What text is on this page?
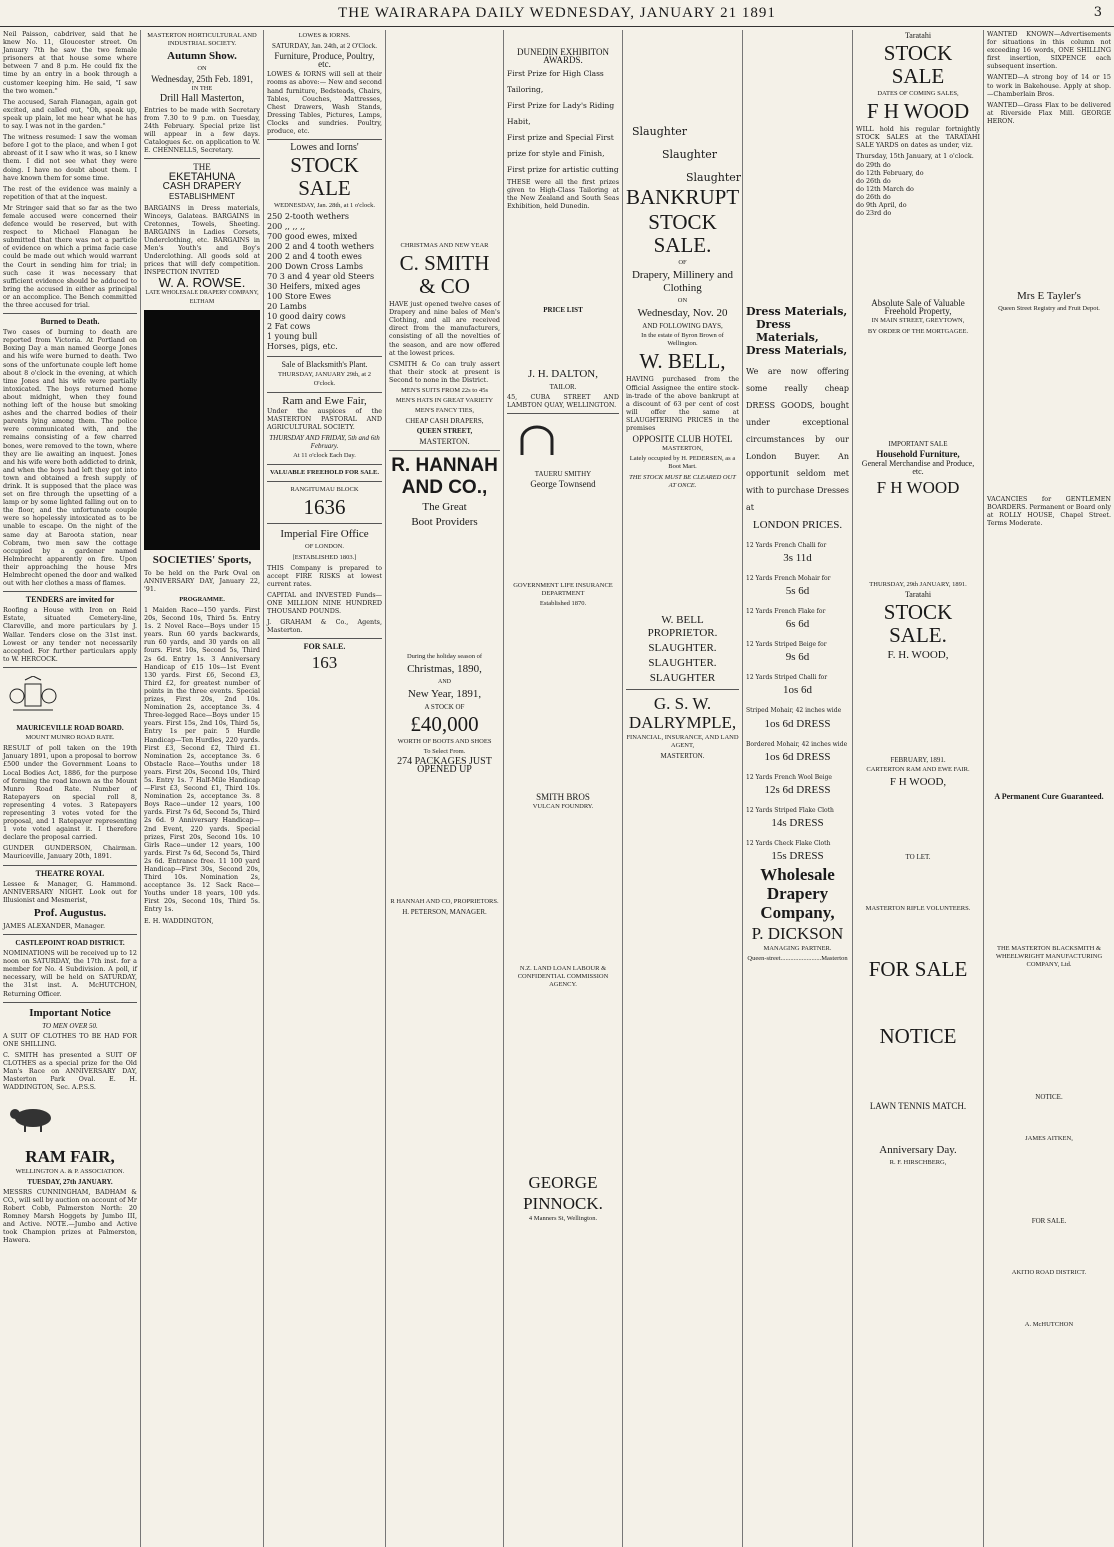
THE WAIRARAPA DAILY WEDNESDAY, JANUARY 21 1891	3

Neil Paisson, cabdriver, said that he knew No. 11, Gloucester street. On January 7th he saw the two female prisoners at that house some where between 7 and 8 p.m. He could fix the time by an entry in a book through a customer keeping him. He said, "I saw the two women."

The accused, Sarah Flanagan, again got excited, and called out, "Oh, speak up, speak up plain, let me hear what he has to say. I was not in the garden."

The witness resumed: I saw the woman before I got to the place, and when I got abreast of it I saw who it was, so I knew them. I did not see what they were doing. I have no doubt about them. I have known them for some time.

The rest of the evidence was mainly a repetition of that at the inquest.

Mr Stringer said that so far as the two female accused were concerned their defence would be reserved, but with respect to Michael Flanagan he submitted that there was not a particle of evidence on which a prima facie case could be made out which would warrant the Court in sending him for trial; in such case it was necessary that sufficient evidence should be adduced to bring the accused in either as principal or an accomplice. The Bench committed the three accused for trial.

Burned to Death.

Two cases of burning to death are reported from Victoria. At Portland on Boxing Day a man named George Jones and his wife were burned to death. Two sons of the unfortunate couple left home about 8 o'clock in the evening, at which time Jones and his wife were partially intoxicated. The boys returned home about midnight, when they found nothing left of the house but smoking ashes and the charred bodies of their parents lying among them. The police were communicated with, and the remains consisting of a few charred bones, were removed to the town, where they are lie awaiting an inquest. Jones and his wife were both addicted to drink, and when the boys had left they got into town and obtained a fresh supply of drink. It is supposed that the place was set on fire through the upsetting of a lamp or by some lighted falling out on to the floor, and the unfortunate couple were so hopelessly intoxicated as to be unable to escape. On the night of the same day at Baroota station, near Cobram, two men saw the cottage occupied by a gardener named Helmbrecht apparently on fire. Upon their approaching the house Mrs Helmbrecht opened the door and walked out with her clothes a mass of flames.

TENDERS are invited for

Roofing a House with Iron on Reid Estate, situated Cemetery-line, Clareville, and more particulars by J. Wallar. Tenders close on the 31st inst. Lowest or any tender not necessarily accepted. For further particulars apply to W. HERCOCK.

MAURICEVILLE ROAD BOARD.
MOUNT MUNRO ROAD RATE.

RESULT of poll taken on the 19th January 1891, upon a proposal to borrow £500 under the Government Loans to Local Bodies Act, 1886, for the purpose of forming the road known as the Mount Munro Road Rate. Number of Ratepayers on special roll 8, representing 4 votes. 3 Ratepayers representing 3 votes voted for the proposal, and 1 Ratepayer representing 1 vote voted against it. I therefore declare the proposal carried.

GUNDER GUNDERSON, Chairman. Mauriceville, January 20th, 1891.

THEATRE ROYAL

Lessee & Manager, G. Hammond. ANNIVERSARY NIGHT. Look out for Illusionist and Mesmerist,

Prof. Augustus.

JAMES ALEXANDER, Manager.

CASTLEPOINT ROAD DISTRICT.

NOMINATIONS will be received up to 12 noon on SATURDAY, the 17th inst. for a member for No. 4 Subdivision. A poll, if necessary, will be held on SATURDAY, the 31st inst. A. McHUTCHON, Returning Officer.

Important Notice
TO MEN OVER 50.

A SUIT OF CLOTHES TO BE HAD FOR ONE SHILLING.

C. SMITH has presented a SUIT OF CLOTHES as a special prize for the Old Man's Race on ANNIVERSARY DAY, Masterton Park Oval. E. H. WADDINGTON, Sec. A.P.S.S.

RAM FAIR,
WELLINGTON A. & P. ASSOCIATION.
TUESDAY, 27th JANUARY.

MESSRS CUNNINGHAM, BADHAM & CO., will sell by auction on account of Mr Robert Cobb, Palmerston North: 20 Romney Marsh Hoggets by Jumbo III, and Active. NOTE.—Jumbo and Active took Champion prizes at Palmerston, Hawera.

MASTERTON HORTICULTURAL AND INDUSTRIAL SOCIETY.
Autumn Show.
ON
Wednesday, 25th Feb. 1891,
IN THE
Drill Hall Masterton,

Entries to be made with Secretary from 7.30 to 9 p.m. on Tuesday, 24th February. Special prize list will appear in a few days. Catalogues &c. on application to W. E. CHENNELLS, Secretary.

THE
EKETAHUNA
CASH DRAPERY
ESTABLISHMENT

BARGAINS in Dress materials, Winceys, Galateas. BARGAINS in Cretonnes, Towels, Sheeting. BARGAINS in Ladies Corsets, Underclothing, etc. BARGAINS in Men's Youth's and Boy's Underclothing. All goods sold at prices that will defy competition. INSPECTION INVITED

W. A. ROWSE.
LATE WHOLESALE DRAPERY COMPANY, ELTHAM
SOCIETIES' Sports,

To be held on the Park Oval on ANNIVERSARY DAY, January 22, '91.

PROGRAMME.

1 Maiden Race—150 yards. First 20s, Second 10s, Third 5s. Entry 1s. 2 Novel Race—Boys under 15 years. Run 60 yards backwards, run 60 yards, and 30 yards on all fours. First 10s, Second 5s, Third 2s 6d. Entry 1s. 3 Anniversary Handicap of £15 10s—1st Event 130 yards. First £6, Second £3, Third £2, for greatest number of points in the three events. Special prizes, First 20s, 2nd 10s. Nomination 2s, acceptance 3s. 4 Three-legged Race—Boys under 15 years. First 15s, 2nd 10s, Third 5s, Entry 1s per pair. 5 Hurdle Handicap—Ten Hurdles, 220 yards. First £3, Second £2, Third £1. Nomination 2s, acceptance 3s. 6 Obstacle Race—Youths under 18 years. First 20s, Second 10s, Third 5s. Entry 1s. 7 Half-Mile Handicap—First £3, Second £1, Third 10s. Nomination 2s, acceptance 3s. 8 Boys Race—under 12 years, 100 yards. First 7s 6d, Second 5s, Third 2s 6d. 9 Anniversary Handicap—2nd Event, 220 yards. Special prizes, First 20s, Second 10s. 10 Girls Race—under 12 years, 100 yards. First 7s 6d, Second 5s, Third 2s 6d. Entrance free. 11 100 yard Handicap—First 30s, Second 20s, Third 10s. Nomination 2s, acceptance 3s. 12 Sack Race—Youths under 18 years, 100 yds. First 20s, Second 10s, Third 5s. Entry 1s.

E. H. WADDINGTON,

LOWES & IORNS.
SATURDAY, Jan. 24th, at 2 O'Clock.
Furniture, Produce, Poultry, etc.

LOWES & IORNS will sell at their rooms as above:— New and second hand furniture, Bedsteads, Chairs, Tables, Couches, Mattresses, Chest Drawers, Wash Stands, Dressing Tables, Pictures, Lamps, Clocks and sundries. Poultry, produce, etc.

Lowes and Iorns'
STOCK SALE
WEDNESDAY, Jan. 28th, at 1 o'clock.
250 2-tooth wethers
200 ,, ,, ,,
700 good ewes, mixed
200 2 and 4 tooth wethers
200 2 and 4 tooth ewes
200 Down Cross Lambs
70 3 and 4 year old Steers
30 Heifers, mixed ages
100 Store Ewes
20 Lambs
10 good dairy cows
2 Fat cows
1 young bull
Horses, pigs, etc.
Sale of Blacksmith's Plant.
THURSDAY, JANUARY 29th, at 2 O'clock.
Ram and Ewe Fair,

Under the auspices of the MASTERTON PASTORAL AND AGRICULTURAL SOCIETY.

THURSDAY AND FRIDAY, 5th and 6th February.
At 11 o'clock Each Day.
VALUABLE FREEHOLD FOR SALE.
RANGITUMAU BLOCK
1636
Imperial Fire Office
OF LONDON.
[ESTABLISHED 1803.]

THIS Company is prepared to accept FIRE RISKS at lowest current rates.

CAPITAL and INVESTED Funds— ONE MILLION NINE HUNDRED THOUSAND POUNDS.

J. GRAHAM & Co., Agents, Masterton.

FOR SALE.
163
CHRISTMAS AND NEW YEAR
C. SMITH & CO

HAVE just opened twelve cases of Drapery and nine bales of Men's Clothing, and all are received direct from the manufacturers, consisting of all the novelties of the season, and are now offered at the lowest prices.

CSMITH & Co can truly assert that their stock at present is Second to none in the District.

MEN'S SUITS FROM 22s to 45s
MEN'S HATS IN GREAT VARIETY
MEN'S FANCY TIES,
CHEAP CASH DRAPERS,
QUEEN STREET,
MASTERTON.
R. HANNAH AND CO.,
The Great
Boot Providers
During the holiday season of
Christmas, 1890,
AND
New Year, 1891,
A STOCK OF
£40,000
WORTH OF BOOTS AND SHOES
To Select From.
274 PACKAGES JUST OPENED UP
R HANNAH AND CO, PROPRIETORS.
H. PETERSON, MANAGER.
DUNEDIN EXHIBITON AWARDS.
First Prize for High Class Tailoring,
First Prize for Lady's Riding Habit,
First prize and Special First prize for style and Finish,
First prize for artistic cutting

THESE were all the first prizes given to High-Class Tailoring at the New Zealand and South Seas Exhibition, held Dunedin.

PRICE LIST
J. H. DALTON,
TAILOR.

45, CUBA STREET AND LAMBTON QUAY, WELLINGTON.

TAUERU SMITHY
George Townsend
GOVERNMENT LIFE INSURANCE DEPARTMENT
Established 1870.
SMITH BROS
VULCAN FOUNDRY.
N.Z. LAND LOAN LABOUR & CONFIDENTIAL COMMISSION AGENCY.
GEORGE
PINNOCK.
4 Manners St, Wellington.
Slaughter
Slaughter
Slaughter
BANKRUPT
STOCK SALE.
OF
Drapery, Millinery and Clothing
ON
Wednesday, Nov. 20
AND FOLLOWING DAYS,
In the estate of Byron Brown of Wellington.
W. BELL,

HAVING purchased from the Official Assignee the entire stock-in-trade of the above bankrupt at a discount of 63 per cent of cost will offer the same at SLAUGHTERING PRICES in the premises

OPPOSITE CLUB HOTEL
MASTERTON,
Lately occupied by H. PEDERSEN, as a Boot Mart.
THE STOCK MUST BE CLEARED OUT AT ONCE.
W. BELL PROPRIETOR.
SLAUGHTER.
SLAUGHTER.
SLAUGHTER
G. S. W. DALRYMPLE,
FINANCIAL, INSURANCE, AND LAND AGENT,
MASTERTON.
Dress Materials,
Dress Materials,
Dress Materials,

We are now offering some really cheap DRESS GOODS, bought under exceptional circumstances by our London Buyer. An opportunit seldom met with to purchase Dresses at

LONDON PRICES.
12 Yards French Challi for
3s 11d
12 Yards French Mohair for
5s 6d
12 Yards French Flake for
6s 6d
12 Yards Striped Beige for
9s 6d
12 Yards Striped Challi for
1os 6d
Striped Mohair, 42 inches wide
1os 6d DRESS
Bordered Mohair, 42 inches wide
1os 6d DRESS
12 Yards French Wool Beige
12s 6d DRESS
12 Yards Striped Flake Cloth
14s DRESS
12 Yards Check Flake Cloth
15s DRESS
Wholesale Drapery Company,
P. DICKSON
MANAGING PARTNER.
Queen-street.........................Masterton
Taratahi
STOCK SALE
DATES OF COMING SALES,
F H WOOD

WILL hold his regular fortnightly STOCK SALES at the TARATAHI SALE YARDS on dates as under, viz.

Thursday, 15th January, at 1 o'clock.
do 29th do
do 12th February, do
do 26th do
do 12th March do
do 26th do
do 9th April, do
do 23rd do
Absolute Sale of Valuable Freehold Property,
IN MAIN STREET, GREYTOWN,
BY ORDER OF THE MORTGAGEE.
IMPORTANT SALE
Household Furniture,
General Merchandise and Produce, etc.
F H WOOD
THURSDAY, 29th JANUARY, 1891.
Taratahi
STOCK SALE.
F. H. WOOD,
FEBRUARY, 1891.
CARTERTON RAM AND EWE FAIR.
F H WOOD,
TO LET.
MASTERTON RIFLE VOLUNTEERS.
FOR SALE
NOTICE
LAWN TENNIS MATCH.
Anniversary Day.
R. F. HIRSCHBERG,

WANTED KNOWN—Advertisements for situations in this column not exceeding 16 words, ONE SHILLING first insertion, SIXPENCE each subsequent insertion.

WANTED—A strong boy of 14 or 15 to work in Bakehouse. Apply at shop.—Chamberlain Bros.

WANTED—Grass Flax to be delivered at Riverside Flax Mill. GEORGE HERON.

Mrs E Tayler's
Queen Street Registry and Fruit Depot.

VACANCIES for GENTLEMEN BOARDERS. Permanent or Board only at ROLLY HOUSE, Chapel Street. Terms Moderate.

A Permanent Cure Guaranteed.
THE MASTERTON BLACKSMITH & WHEELWRIGHT MANUFACTURING COMPANY, Ltd.
NOTICE.
JAMES AITKEN,
FOR SALE.
AKITIO ROAD DISTRICT.
A. McHUTCHON
